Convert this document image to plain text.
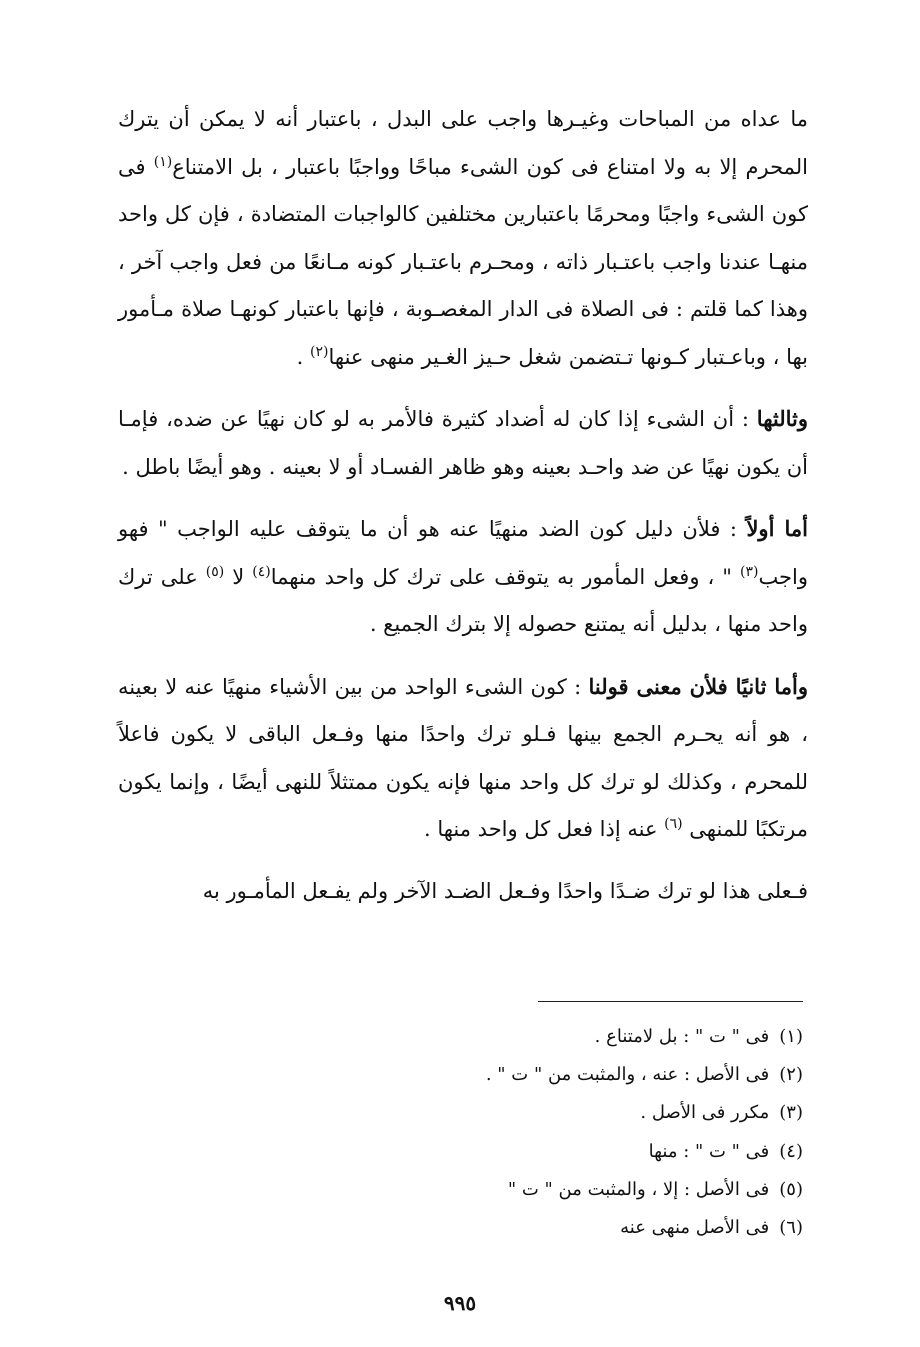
ما عداه من المباحات وغيـرها واجب على البدل ، باعتبار أنه لا يمكن أن يترك المحرم إلا به ولا امتناع فى كون الشىء مباحًا وواجبًا باعتبار ، بل الامتناع$^{(١)}$ فى كون الشىء واجبًا ومحرمًا باعتبارين مختلفين كالواجبات المتضادة ، فإن كل واحد منهـا عندنا واجب باعتـبار ذاته ، ومحـرم باعتـبار كونه مـانعًا من فعل واجب آخر ، وهذا كما قلتم : فى الصلاة فى الدار المغصـوبة ، فإنها باعتبار كونهـا صلاة مـأمور بها ، وباعـتبار كـونها تـتضمن شغل حـيز الغـير منهى عنها$^{(٢)}$ .

وثالثها : أن الشىء إذا كان له أضداد كثيرة فالأمر به لو كان نهيًا عن ضده، فإمـا أن يكون نهيًا عن ضد واحـد بعينه وهو ظاهر الفسـاد أو لا بعينه . وهو أيضًا باطل .

أما أولاً : فلأن دليل كون الضد منهيًا عنه هو أن ما يتوقف عليه الواجب " فهو واجب$^{(٣)}$ " ، وفعل المأمور به يتوقف على ترك كل واحد منهما$^{(٤)}$ لا $^{(٥)}$ على ترك واحد منها ، بدليل أنه يمتنع حصوله إلا بترك الجميع .

وأما ثانيًا فلأن معنى قولنا : كون الشىء الواحد من بين الأشياء منهيًا عنه لا بعينه ، هو أنه يحـرم الجمع بينها فـلو ترك واحدًا منها وفـعل الباقى لا يكون فاعلاً للمحرم ، وكذلك لو ترك كل واحد منها فإنه يكون ممتثلاً للنهى أيضًا ، وإنما يكون مرتكبًا للمنهى $^{(٦)}$ عنه إذا فعل كل واحد منها .

فـعلى هذا لو ترك ضـدًا واحدًا وفـعل الضـد الآخر ولم يفـعل المأمـور به

(١)فى " ت " : بل لامتناع .
(٢)فى الأصل : عنه ، والمثبت من " ت " .
(٣)مكرر فى الأصل .
(٤)فى " ت " : منها
(٥)فى الأصل : إلا ، والمثبت من " ت "
(٦)فى الأصل منهى عنه
٩٩٥
